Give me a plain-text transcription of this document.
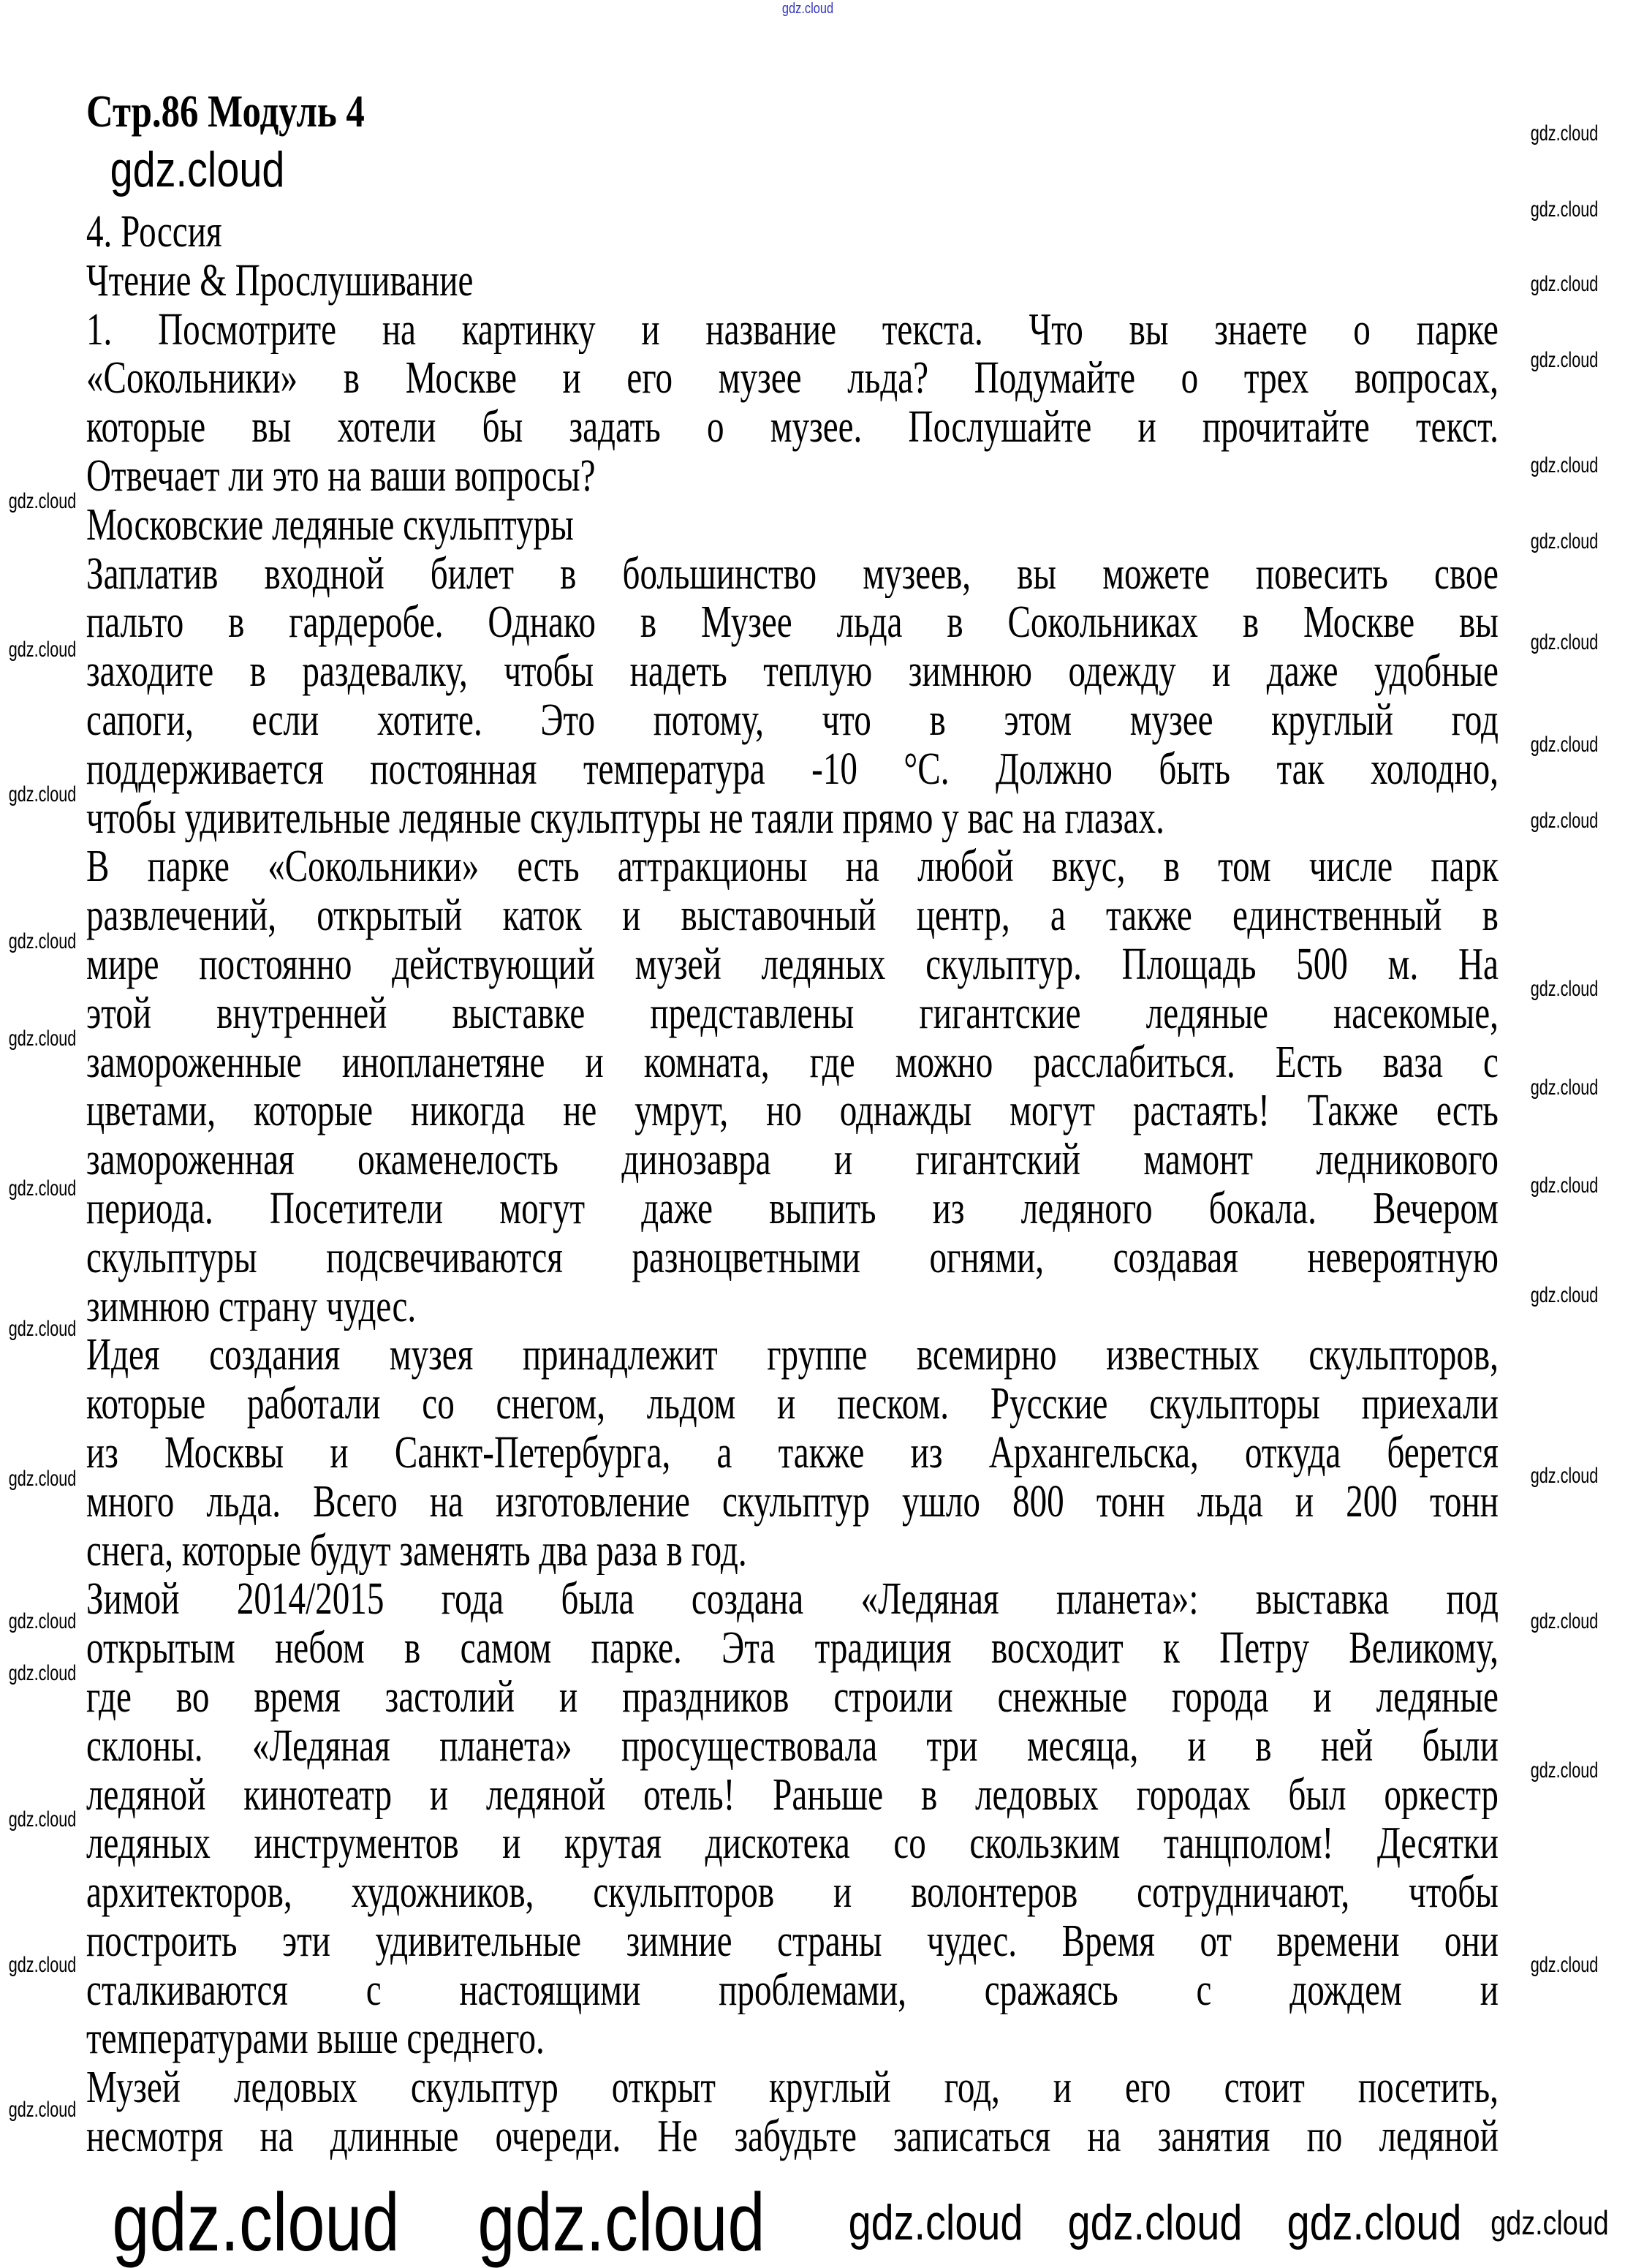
Стр.86 Модуль 4
4. Россия
Чтение & Прослушивание
1. Посмотрите на картинку и название текста. Что вы знаете о парке
«Сокольники» в Москве и его музее льда? Подумайте о трех вопросах,
которые вы хотели бы задать о музее. Послушайте и прочитайте текст.
Отвечает ли это на ваши вопросы?
Московские ледяные скульптуры
Заплатив входной билет в большинство музеев, вы можете повесить свое
пальто в гардеробе. Однако в Музее льда в Сокольниках в Москве вы
заходите в раздевалку, чтобы надеть теплую зимнюю одежду и даже удобные
сапоги, если хотите. Это потому, что в этом музее круглый год
поддерживается постоянная температура -10 °C. Должно быть так холодно,
чтобы удивительные ледяные скульптуры не таяли прямо у вас на глазах.
В парке «Сокольники» есть аттракционы на любой вкус, в том числе парк
развлечений, открытый каток и выставочный центр, а также единственный в
мире постоянно действующий музей ледяных скульптур. Площадь 500 м. На
этой внутренней выставке представлены гигантские ледяные насекомые,
замороженные инопланетяне и комната, где можно расслабиться. Есть ваза с
цветами, которые никогда не умрут, но однажды могут растаять! Также есть
замороженная окаменелость динозавра и гигантский мамонт ледникового
периода. Посетители могут даже выпить из ледяного бокала. Вечером
скульптуры подсвечиваются разноцветными огнями, создавая невероятную
зимнюю страну чудес.
Идея создания музея принадлежит группе всемирно известных скульпторов,
которые работали со снегом, льдом и песком. Русские скульпторы приехали
из Москвы и Санкт-Петербурга, а также из Архангельска, откуда берется
много льда. Всего на изготовление скульптур ушло 800 тонн льда и 200 тонн
снега, которые будут заменять два раза в год.
Зимой 2014/2015 года была создана «Ледяная планета»: выставка под
открытым небом в самом парке. Эта традиция восходит к Петру Великому,
где во время застолий и праздников строили снежные города и ледяные
склоны. «Ледяная планета» просуществовала три месяца, и в ней были
ледяной кинотеатр и ледяной отель! Раньше в ледовых городах был оркестр
ледяных инструментов и крутая дискотека со скользким танцполом! Десятки
архитекторов, художников, скульпторов и волонтеров сотрудничают, чтобы
построить эти удивительные зимние страны чудес. Время от времени они
сталкиваются с настоящими проблемами, сражаясь с дождем и
температурами выше среднего.
Музей ледовых скульптур открыт круглый год, и его стоит посетить,
несмотря на длинные очереди. Не забудьте записаться на занятия по ледяной
gdz.cloud
gdz.cloud
gdz.cloud
gdz.cloud
gdz.cloud
gdz.cloud
gdz.cloud
gdz.cloud
gdz.cloud
gdz.cloud
gdz.cloud
gdz.cloud
gdz.cloud
gdz.cloud
gdz.cloud
gdz.cloud
gdz.cloud
gdz.cloud
gdz.cloud
gdz.cloud
gdz.cloud
gdz.cloud
gdz.cloud
gdz.cloud
gdz.cloud
gdz.cloud
gdz.cloud
gdz.cloud
gdz.cloud
gdz.cloud
gdz.cloud
gdz.cloud
gdz.cloud gdz.cloud gdz.cloud gdz.cloud gdz.cloud gdz.cloud
